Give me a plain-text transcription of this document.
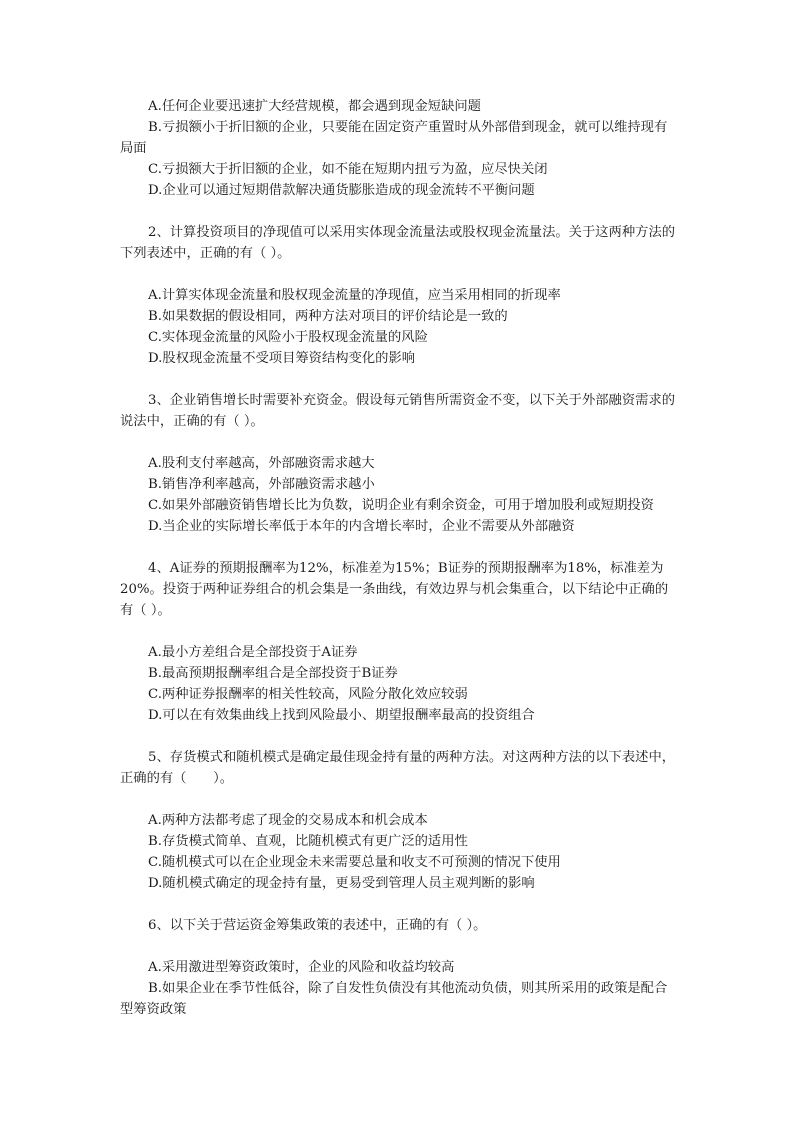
A.任何企业要迅速扩大经营规模，都会遇到现金短缺问题
B.亏损额小于折旧额的企业，只要能在固定资产重置时从外部借到现金，就可以维持现有局面
C.亏损额大于折旧额的企业，如不能在短期内扭亏为盈，应尽快关闭
D.企业可以通过短期借款解决通货膨胀造成的现金流转不平衡问题
2、计算投资项目的净现值可以采用实体现金流量法或股权现金流量法。关于这两种方法的下列表述中，正确的有（ ）。
A.计算实体现金流量和股权现金流量的净现值，应当采用相同的折现率
B.如果数据的假设相同，两种方法对项目的评价结论是一致的
C.实体现金流量的风险小于股权现金流量的风险
D.股权现金流量不受项目筹资结构变化的影响
3、企业销售增长时需要补充资金。假设每元销售所需资金不变，以下关于外部融资需求的说法中，正确的有（ ）。
A.股利支付率越高，外部融资需求越大
B.销售净利率越高，外部融资需求越小
C.如果外部融资销售增长比为负数，说明企业有剩余资金，可用于增加股利或短期投资
D.当企业的实际增长率低于本年的内含增长率时，企业不需要从外部融资
4、A证券的预期报酬率为12%，标准差为15%；B证券的预期报酬率为18%，标准差为20%。投资于两种证券组合的机会集是一条曲线，有效边界与机会集重合，以下结论中正确的有（ ）。
A.最小方差组合是全部投资于A证券
B.最高预期报酬率组合是全部投资于B证券
C.两种证券报酬率的相关性较高，风险分散化效应较弱
D.可以在有效集曲线上找到风险最小、期望报酬率最高的投资组合
5、存货模式和随机模式是确定最佳现金持有量的两种方法。对这两种方法的以下表述中，正确的有（　　）。
A.两种方法都考虑了现金的交易成本和机会成本
B.存货模式简单、直观，比随机模式有更广泛的适用性
C.随机模式可以在企业现金未来需要总量和收支不可预测的情况下使用
D.随机模式确定的现金持有量，更易受到管理人员主观判断的影响
6、以下关于营运资金筹集政策的表述中，正确的有（ ）。
A.采用激进型筹资政策时，企业的风险和收益均较高
B.如果企业在季节性低谷，除了自发性负债没有其他流动负债，则其所采用的政策是配合型筹资政策
